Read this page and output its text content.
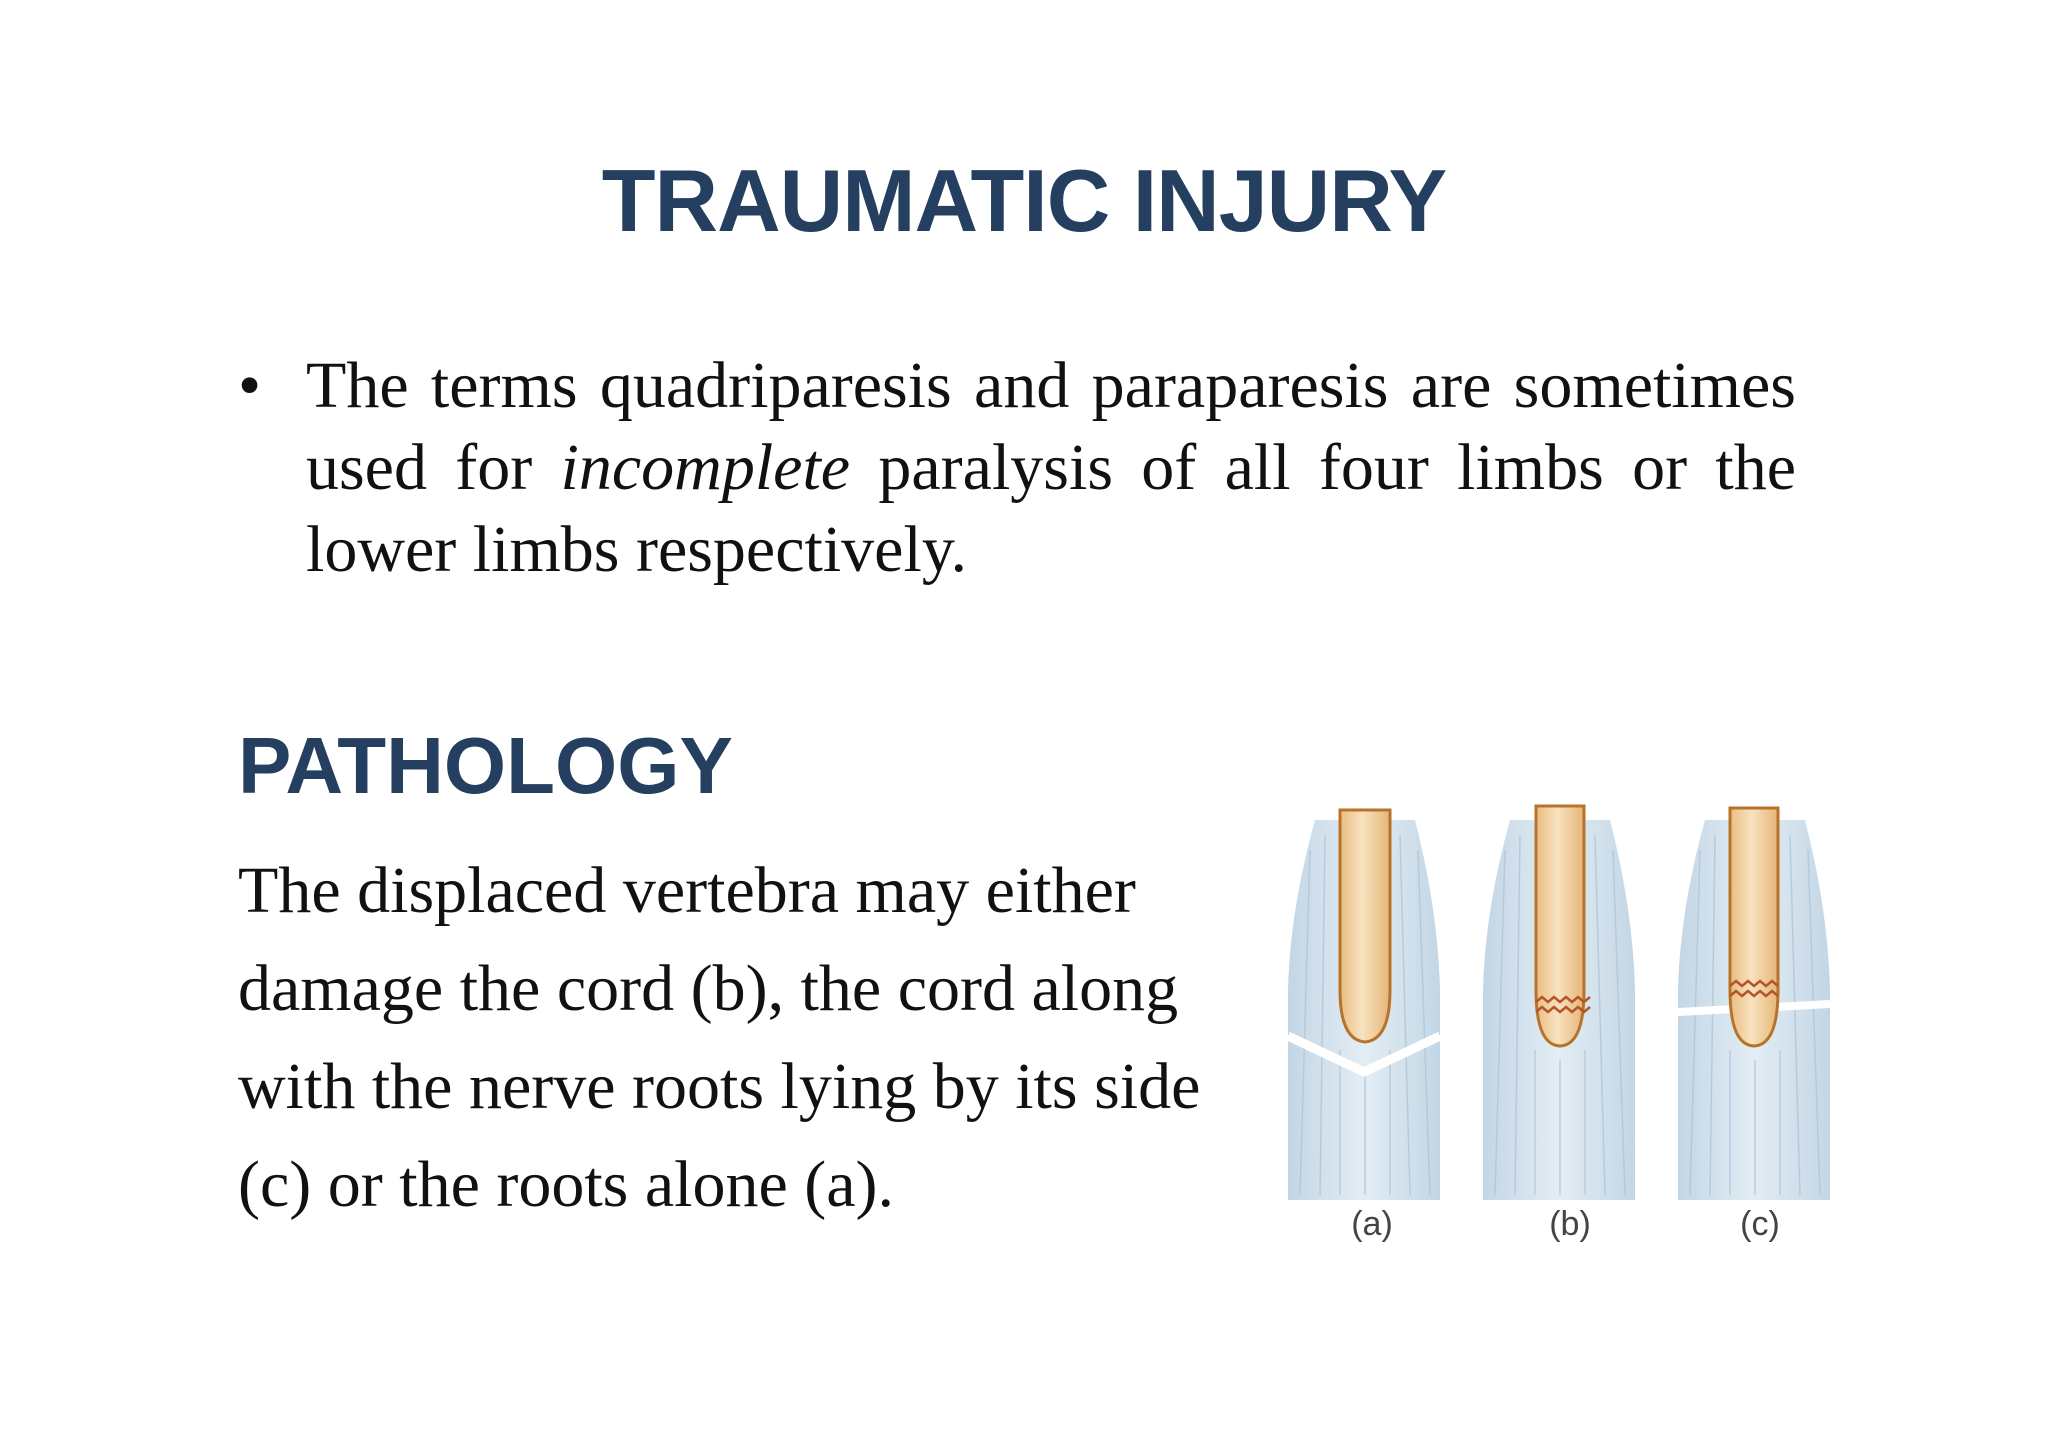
TRAUMATIC INJURY
• The terms quadriparesis and paraparesis are sometimes used for incomplete paralysis of all four limbs or the lower limbs respectively.
PATHOLOGY
The displaced vertebra may either damage the cord (b), the cord along with the nerve roots lying by its side (c) or the roots alone (a).
(a)	(b)	(c)
